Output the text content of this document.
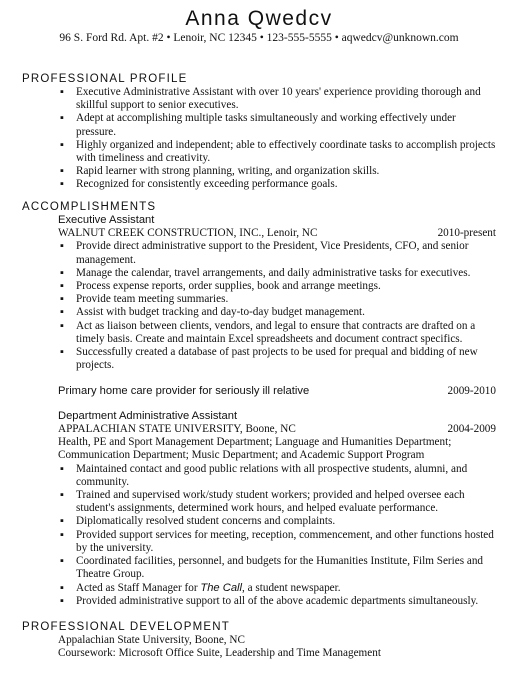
Anna Qwedcv
96 S. Ford Rd. Apt. #2 • Lenoir, NC 12345 • 123-555-5555 • aqwedcv@unknown.com
PROFESSIONAL PROFILE
▪ Executive Administrative Assistant with over 10 years' experience providing thorough and skillful support to senior executives.
▪ Adept at accomplishing multiple tasks simultaneously and working effectively under pressure.
▪ Highly organized and independent; able to effectively coordinate tasks to accomplish projects with timeliness and creativity.
▪ Rapid learner with strong planning, writing, and organization skills.
▪ Recognized for consistently exceeding performance goals.
ACCOMPLISHMENTS
Executive Assistant
WALNUT CREEK CONSTRUCTION, INC., Lenoir, NC	2010-present
▪ Provide direct administrative support to the President, Vice Presidents, CFO, and senior management.
▪ Manage the calendar, travel arrangements, and daily administrative tasks for executives.
▪ Process expense reports, order supplies, book and arrange meetings.
▪ Provide team meeting summaries.
▪ Assist with budget tracking and day-to-day budget management.
▪ Act as liaison between clients, vendors, and legal to ensure that contracts are drafted on a timely basis. Create and maintain Excel spreadsheets and document contract specifics.
▪ Successfully created a database of past projects to be used for prequal and bidding of new projects.
Primary home care provider for seriously ill relative	2009-2010
Department Administrative Assistant
APPALACHIAN STATE UNIVERSITY, Boone, NC	2004-2009
Health, PE and Sport Management Department; Language and Humanities Department;
Communication Department; Music Department; and Academic Support Program
▪ Maintained contact and good public relations with all prospective students, alumni, and community.
▪ Trained and supervised work/study student workers; provided and helped oversee each student's assignments, determined work hours, and helped evaluate performance.
▪ Diplomatically resolved student concerns and complaints.
▪ Provided support services for meeting, reception, commencement, and other functions hosted by the university.
▪ Coordinated facilities, personnel, and budgets for the Humanities Institute, Film Series and Theatre Group.
▪ Acted as Staff Manager for The Call, a student newspaper.
▪ Provided administrative support to all of the above academic departments simultaneously.
PROFESSIONAL DEVELOPMENT
Appalachian State University, Boone, NC
Coursework: Microsoft Office Suite, Leadership and Time Management
